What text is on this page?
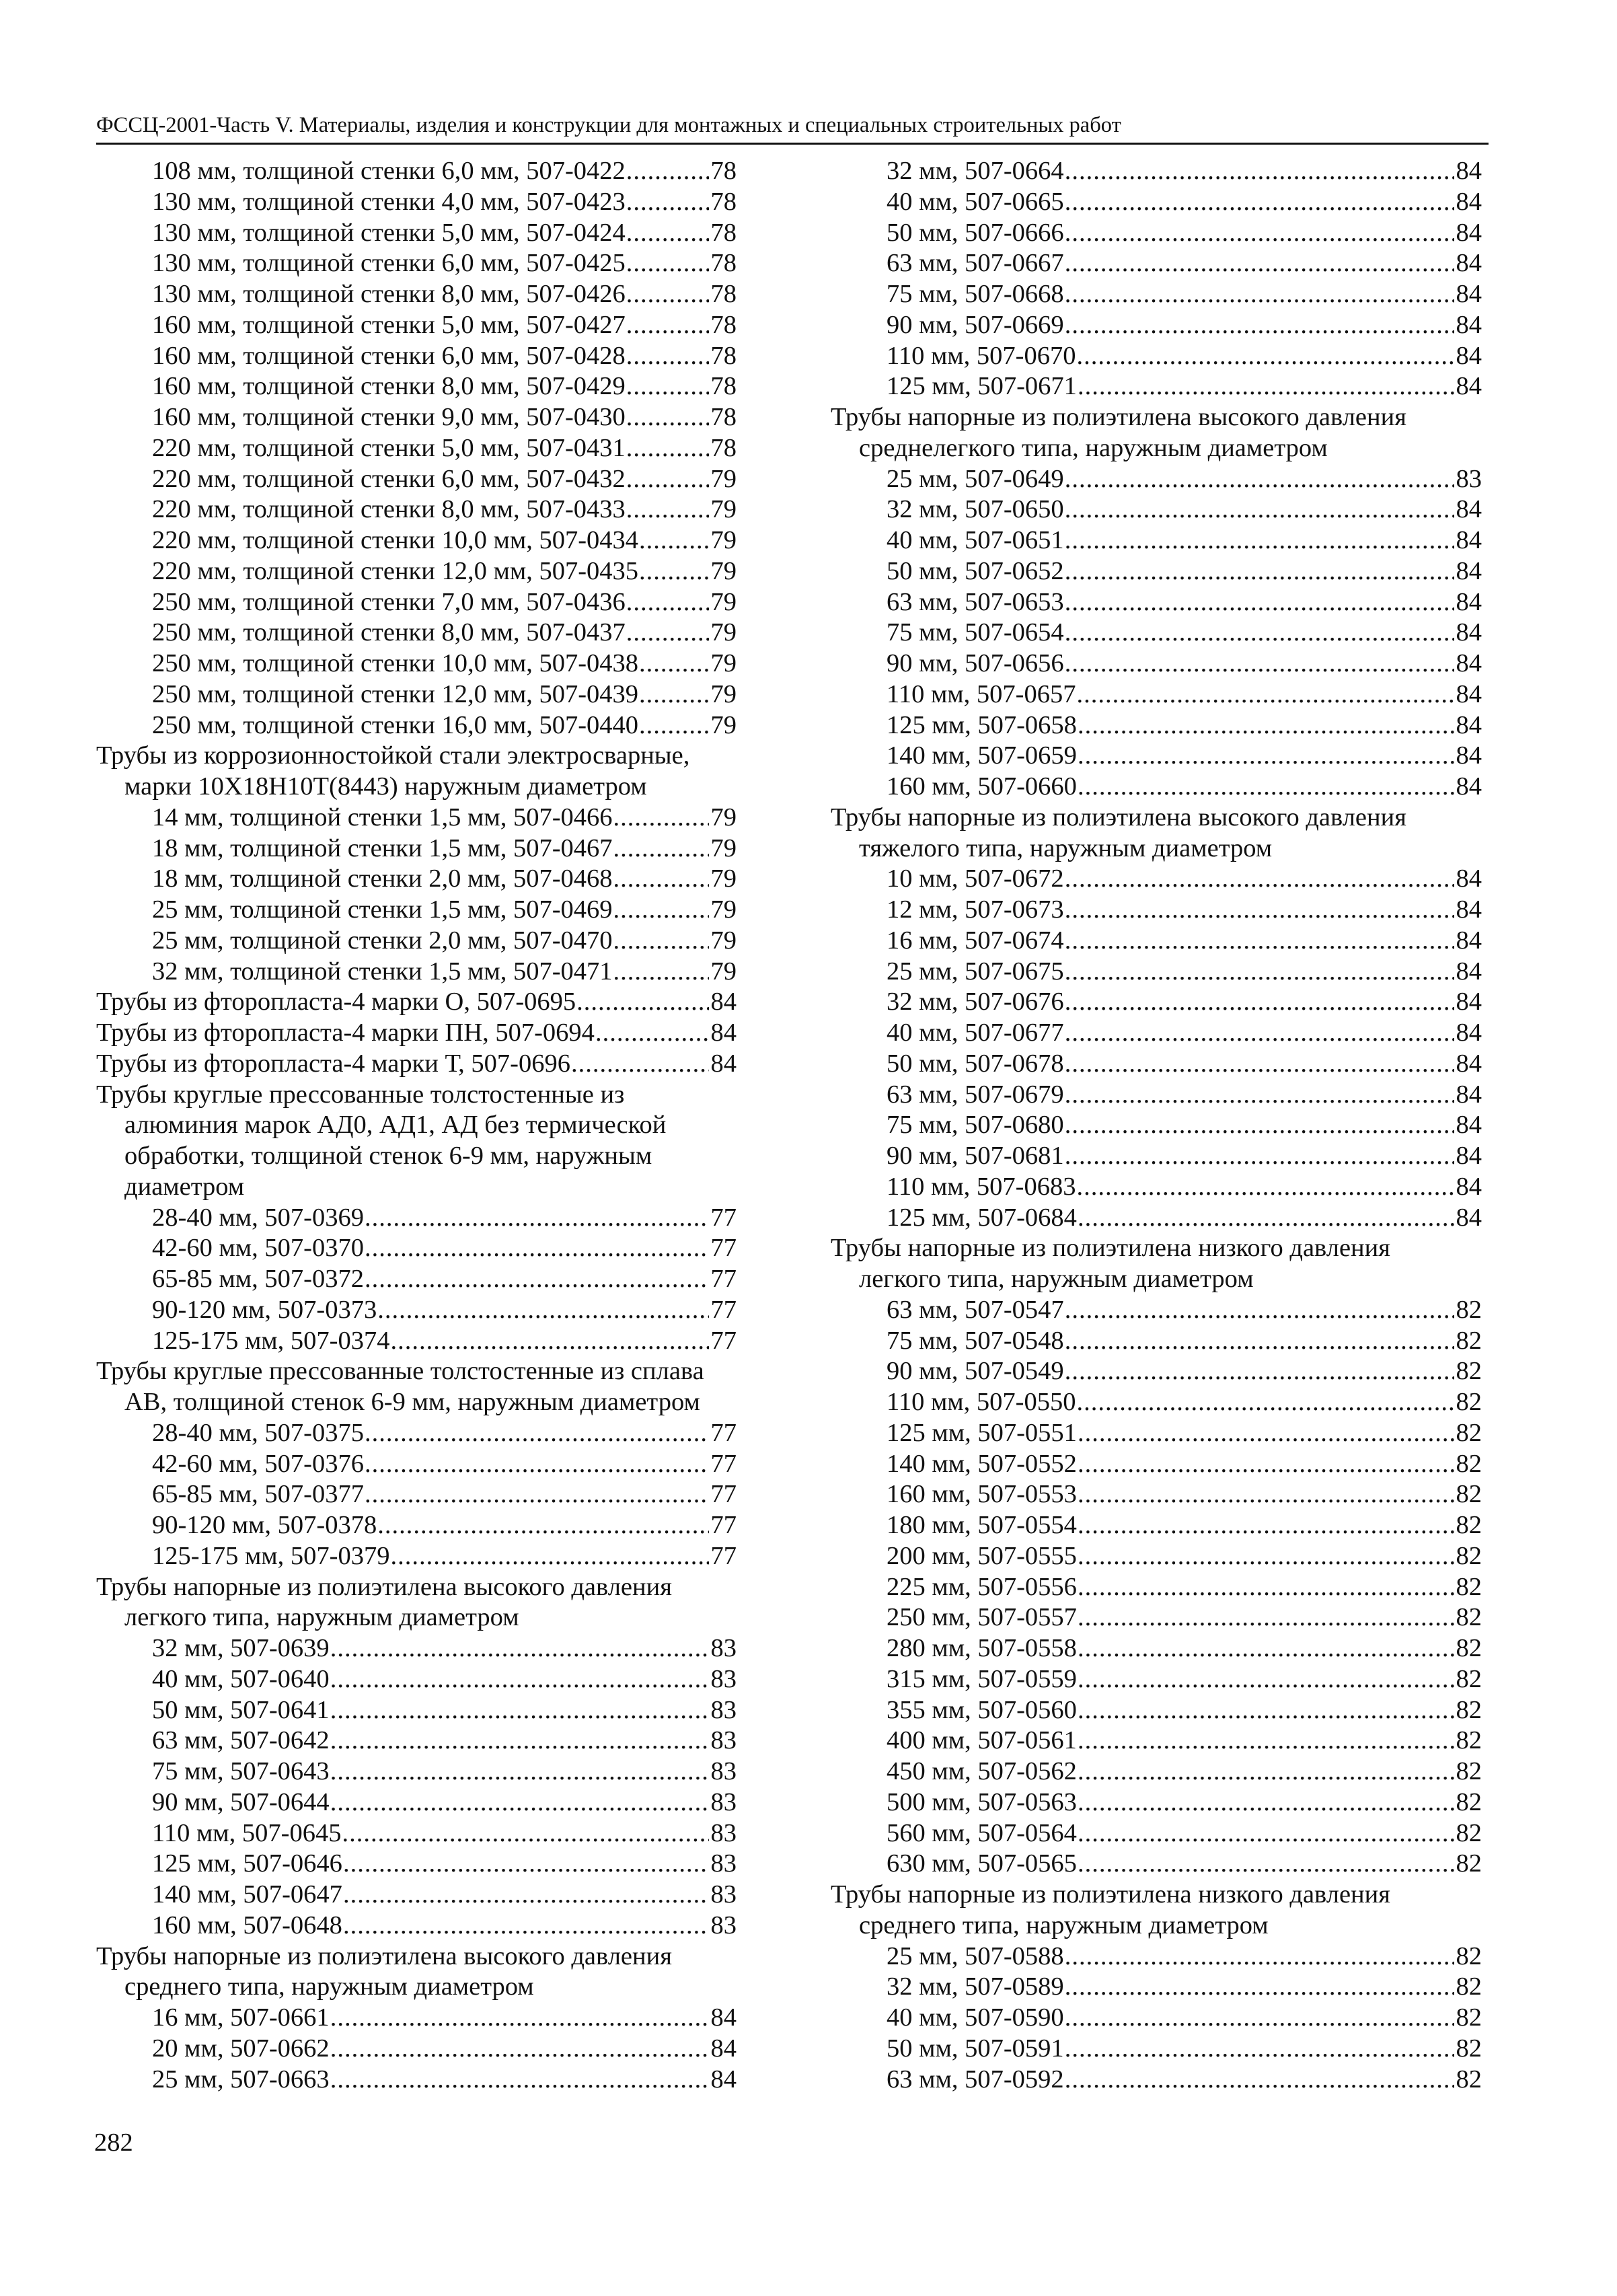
ФССЦ-2001-Часть V. Материалы, изделия и конструкции для монтажных и специальных строительных работ
108 мм, толщиной стенки 6,0 мм, 507-0422 .....	78
130 мм, толщиной стенки 4,0 мм, 507-0423 .....	78
130 мм, толщиной стенки 5,0 мм, 507-0424 .....	78
130 мм, толщиной стенки 6,0 мм, 507-0425 .....	78
130 мм, толщиной стенки 8,0 мм, 507-0426 .....	78
160 мм, толщиной стенки 5,0 мм, 507-0427 .....	78
160 мм, толщиной стенки 6,0 мм, 507-0428 .....	78
160 мм, толщиной стенки 8,0 мм, 507-0429 .....	78
160 мм, толщиной стенки 9,0 мм, 507-0430 .....	78
220 мм, толщиной стенки 5,0 мм, 507-0431 .....	78
220 мм, толщиной стенки 6,0 мм, 507-0432 .....	79
220 мм, толщиной стенки 8,0 мм, 507-0433 .....	79
220 мм, толщиной стенки 10,0 мм, 507-0434 .....	79
220 мм, толщиной стенки 12,0 мм, 507-0435 .....	79
250 мм, толщиной стенки 7,0 мм, 507-0436 .....	79
250 мм, толщиной стенки 8,0 мм, 507-0437 .....	79
250 мм, толщиной стенки 10,0 мм, 507-0438 .....	79
250 мм, толщиной стенки 12,0 мм, 507-0439 .....	79
250 мм, толщиной стенки 16,0 мм, 507-0440 .....	79
Трубы из коррозионностойкой стали электросварные,
марки 10Х18Н10Т(8443) наружным диаметром
14 мм, толщиной стенки 1,5 мм, 507-0466 .....	79
18 мм, толщиной стенки 1,5 мм, 507-0467 .....	79
18 мм, толщиной стенки 2,0 мм, 507-0468 .....	79
25 мм, толщиной стенки 1,5 мм, 507-0469 .....	79
25 мм, толщиной стенки 2,0 мм, 507-0470 .....	79
32 мм, толщиной стенки 1,5 мм, 507-0471 .....	79
Трубы из фторопласта-4 марки О, 507-0695 .....	84
Трубы из фторопласта-4 марки ПН, 507-0694 .....	84
Трубы из фторопласта-4 марки Т, 507-0696 .....	84
Трубы круглые прессованные толстостенные из
алюминия марок АД0, АД1, АД без термической
обработки, толщиной стенок 6-9 мм, наружным
диаметром
28-40 мм, 507-0369 .....	77
42-60 мм, 507-0370 .....	77
65-85 мм, 507-0372 .....	77
90-120 мм, 507-0373 .....	77
125-175 мм, 507-0374 .....	77
Трубы круглые прессованные толстостенные из сплава
АВ, толщиной стенок 6-9 мм, наружным диаметром
28-40 мм, 507-0375 .....	77
42-60 мм, 507-0376 .....	77
65-85 мм, 507-0377 .....	77
90-120 мм, 507-0378 .....	77
125-175 мм, 507-0379 .....	77
Трубы напорные из полиэтилена высокого давления
легкого типа, наружным диаметром
32 мм, 507-0639 .....	83
40 мм, 507-0640 .....	83
50 мм, 507-0641 .....	83
63 мм, 507-0642 .....	83
75 мм, 507-0643 .....	83
90 мм, 507-0644 .....	83
110 мм, 507-0645 .....	83
125 мм, 507-0646 .....	83
140 мм, 507-0647 .....	83
160 мм, 507-0648 .....	83
Трубы напорные из полиэтилена высокого давления
среднего типа, наружным диаметром
16 мм, 507-0661 .....	84
20 мм, 507-0662 .....	84
25 мм, 507-0663 .....	84
32 мм, 507-0664 .....	84
40 мм, 507-0665 .....	84
50 мм, 507-0666 .....	84
63 мм, 507-0667 .....	84
75 мм, 507-0668 .....	84
90 мм, 507-0669 .....	84
110 мм, 507-0670 .....	84
125 мм, 507-0671 .....	84
Трубы напорные из полиэтилена высокого давления
среднелегкого типа, наружным диаметром
25 мм, 507-0649 .....	83
32 мм, 507-0650 .....	84
40 мм, 507-0651 .....	84
50 мм, 507-0652 .....	84
63 мм, 507-0653 .....	84
75 мм, 507-0654 .....	84
90 мм, 507-0656 .....	84
110 мм, 507-0657 .....	84
125 мм, 507-0658 .....	84
140 мм, 507-0659 .....	84
160 мм, 507-0660 .....	84
Трубы напорные из полиэтилена высокого давления
тяжелого типа, наружным диаметром
10 мм, 507-0672 .....	84
12 мм, 507-0673 .....	84
16 мм, 507-0674 .....	84
25 мм, 507-0675 .....	84
32 мм, 507-0676 .....	84
40 мм, 507-0677 .....	84
50 мм, 507-0678 .....	84
63 мм, 507-0679 .....	84
75 мм, 507-0680 .....	84
90 мм, 507-0681 .....	84
110 мм, 507-0683 .....	84
125 мм, 507-0684 .....	84
Трубы напорные из полиэтилена низкого давления
легкого типа, наружным диаметром
63 мм, 507-0547 .....	82
75 мм, 507-0548 .....	82
90 мм, 507-0549 .....	82
110 мм, 507-0550 .....	82
125 мм, 507-0551 .....	82
140 мм, 507-0552 .....	82
160 мм, 507-0553 .....	82
180 мм, 507-0554 .....	82
200 мм, 507-0555 .....	82
225 мм, 507-0556 .....	82
250 мм, 507-0557 .....	82
280 мм, 507-0558 .....	82
315 мм, 507-0559 .....	82
355 мм, 507-0560 .....	82
400 мм, 507-0561 .....	82
450 мм, 507-0562 .....	82
500 мм, 507-0563 .....	82
560 мм, 507-0564 .....	82
630 мм, 507-0565 .....	82
Трубы напорные из полиэтилена низкого давления
среднего типа, наружным диаметром
25 мм, 507-0588 .....	82
32 мм, 507-0589 .....	82
40 мм, 507-0590 .....	82
50 мм, 507-0591 .....	82
63 мм, 507-0592 .....	82
282
